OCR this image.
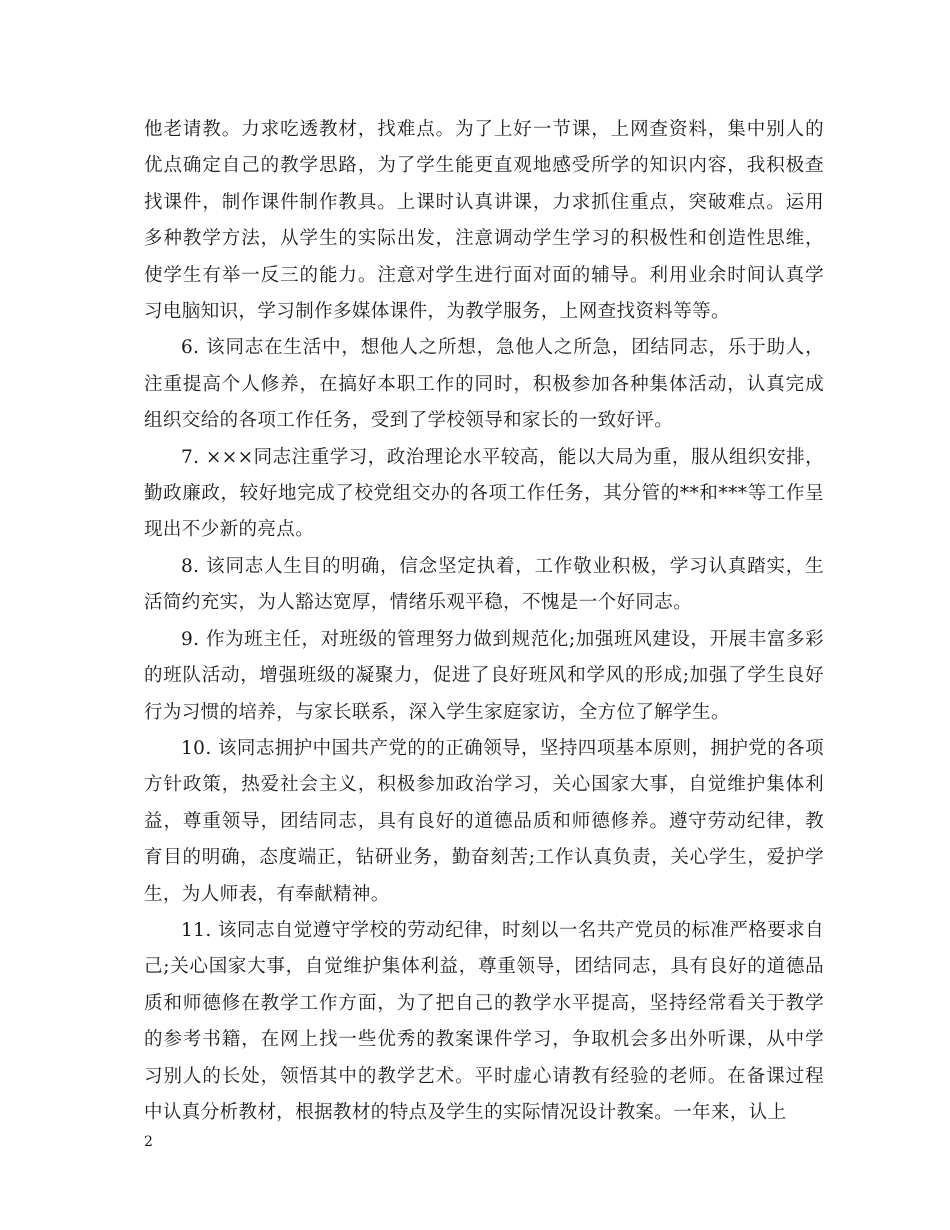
他老请教。力求吃透教材，找难点。为了上好一节课，上网查资料，集中别人的优点确定自己的教学思路，为了学生能更直观地感受所学的知识内容，我积极查找课件，制作课件制作教具。上课时认真讲课，力求抓住重点，突破难点。运用多种教学方法，从学生的实际出发，注意调动学生学习的积极性和创造性思维，使学生有举一反三的能力。注意对学生进行面对面的辅导。利用业余时间认真学习电脑知识，学习制作多媒体课件，为教学服务，上网查找资料等等。

6. 该同志在生活中，想他人之所想，急他人之所急，团结同志，乐于助人，注重提高个人修养，在搞好本职工作的同时，积极参加各种集体活动，认真完成组织交给的各项工作任务，受到了学校领导和家长的一致好评。

7. ×××同志注重学习，政治理论水平较高，能以大局为重，服从组织安排，勤政廉政，较好地完成了校党组交办的各项工作任务，其分管的**和***等工作呈现出不少新的亮点。

8. 该同志人生目的明确，信念坚定执着，工作敬业积极，学习认真踏实，生活简约充实，为人豁达宽厚，情绪乐观平稳，不愧是一个好同志。

9. 作为班主任，对班级的管理努力做到规范化;加强班风建设，开展丰富多彩的班队活动，增强班级的凝聚力，促进了良好班风和学风的形成;加强了学生良好行为习惯的培养，与家长联系，深入学生家庭家访，全方位了解学生。

10. 该同志拥护中国共产党的的正确领导，坚持四项基本原则，拥护党的各项方针政策，热爱社会主义，积极参加政治学习，关心国家大事，自觉维护集体利益，尊重领导，团结同志，具有良好的道德品质和师德修养。遵守劳动纪律，教育目的明确，态度端正，钻研业务，勤奋刻苦;工作认真负责，关心学生，爱护学生，为人师表，有奉献精神。

11. 该同志自觉遵守学校的劳动纪律，时刻以一名共产党员的标准严格要求自己;关心国家大事，自觉维护集体利益，尊重领导，团结同志，具有良好的道德品质和师德修在教学工作方面，为了把自己的教学水平提高，坚持经常看关于教学的参考书籍，在网上找一些优秀的教案课件学习，争取机会多出外听课，从中学习别人的长处，领悟其中的教学艺术。平时虚心请教有经验的老师。在备课过程中认真分析教材，根据教材的特点及学生的实际情况设计教案。一年来，认上

2
